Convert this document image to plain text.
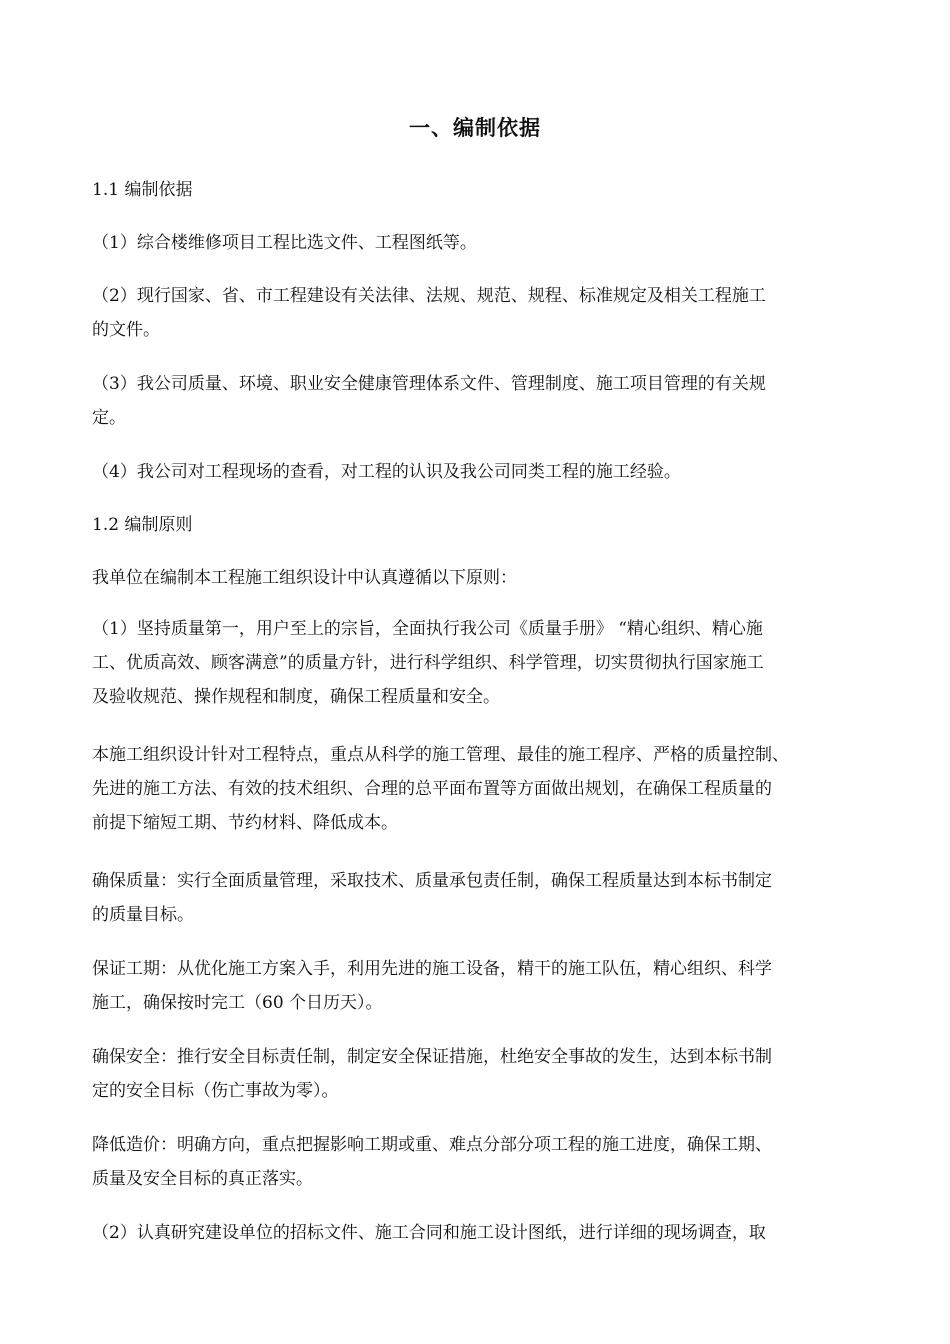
一、编制依据
1.1 编制依据
（1）综合楼维修项目工程比选文件、工程图纸等。
（2）现行国家、省、市工程建设有关法律、法规、规范、规程、标准规定及相关工程施工
的文件。
（3）我公司质量、环境、职业安全健康管理体系文件、管理制度、施工项目管理的有关规
定。
（4）我公司对工程现场的查看，对工程的认识及我公司同类工程的施工经验。
1.2 编制原则
我单位在编制本工程施工组织设计中认真遵循以下原则：
（1）坚持质量第一，用户至上的宗旨，全面执行我公司《质量手册》 “精心组织、精心施
工、优质高效、顾客满意”的质量方针，进行科学组织、科学管理，切实贯彻执行国家施工
及验收规范、操作规程和制度，确保工程质量和安全。
本施工组织设计针对工程特点，重点从科学的施工管理、最佳的施工程序、严格的质量控制、
先进的施工方法、有效的技术组织、合理的总平面布置等方面做出规划，在确保工程质量的
前提下缩短工期、节约材料、降低成本。
确保质量：实行全面质量管理，采取技术、质量承包责任制，确保工程质量达到本标书制定
的质量目标。
保证工期：从优化施工方案入手，利用先进的施工设备，精干的施工队伍，精心组织、科学
施工，确保按时完工（60 个日历天）。
确保安全：推行安全目标责任制，制定安全保证措施，杜绝安全事故的发生，达到本标书制
定的安全目标（伤亡事故为零）。
降低造价：明确方向，重点把握影响工期或重、难点分部分项工程的施工进度，确保工期、
质量及安全目标的真正落实。
（2）认真研究建设单位的招标文件、施工合同和施工设计图纸，进行详细的现场调查，取
